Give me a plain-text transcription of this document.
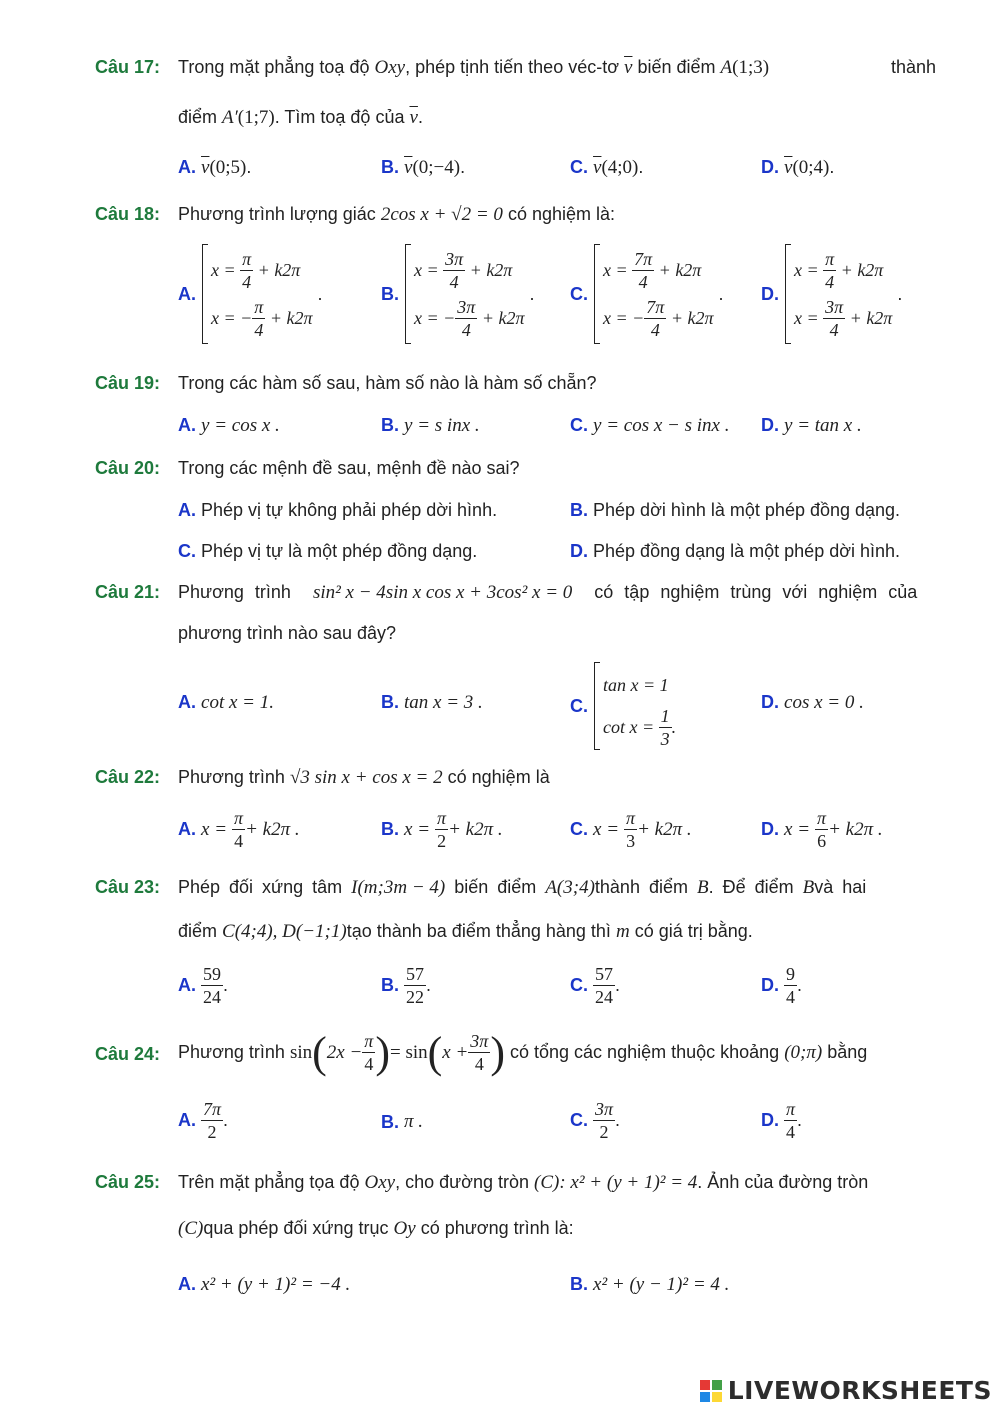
Câu 17: Trong mặt phẳng toạ độ Oxy, phép tịnh tiến theo véc-tơ $\overline{v}$ biến điểm A(1;3)	thành
điểm A′(1;7). Tìm toạ độ của $\overline{v}$.
A. $\overline{v}(0;5)$.	B. $\overline{v}(0;-4)$.	C. $\overline{v}(4;0)$.	D. $\overline{v}(0;4)$.
Câu 18: Phương trình lượng giác 2cos x + √2 = 0 có nghiệm là:
A.
x =
$\frac{\pi}{4}$
+ k2π
x =
− $\frac{\pi}{4}$
+ k2π
.	B.
x =
$\frac{3\pi}{4}$
+ k2π
x =
− $\frac{3\pi}{4}$
+ k2π
. C.
x =
$\frac{7\pi}{4}$
+ k2π
x =
− $\frac{7\pi}{4}$
+ k2π
. D.
x =
$\frac{\pi}{4}$
+ k2π
x =
$\frac{3\pi}{4}$
+ k2π
.
Câu 19: Trong các hàm số sau, hàm số nào là hàm số chẵn?
A. y = cos x .	B. y = s inx .	C. y = cos x − s inx . D. y = tan x .
Câu 20: Trong các mệnh đề sau, mệnh đề nào sai?
A. Phép vị tự không phải phép dời hình.	B. Phép dời hình là một phép đồng dạng.
C. Phép vị tự là một phép đồng dạng.	D. Phép đồng dạng là một phép dời hình.
Câu 21: Phương trình sin² x − 4sin x cos x + 3cos² x = 0 có tập nghiệm trùng với nghiệm của
phương trình nào sau đây?
A. cot x = 1.	B. tan x = 3 .	C.
tan x = 1
cot x =
$\frac{1}{3}$ .
D. cos x = 0 .
Câu 22: Phương trình √3 sin x + cos x = 2 có nghiệm là
A.
x =
$\frac{\pi}{4} + k2\pi$ .	B.
x =
$\frac{\pi}{2} + k2\pi$ .	C.
x =
$\frac{\pi}{3} + k2\pi$ .	D.
x =
$\frac{\pi}{6} + k2\pi$ .
Câu 23: Phép đối xứng tâm I(m;3m − 4) biến điểm A(3;4)thành điểm B. Để điểm Bvà hai
điểm C(4;4), D(−1;1)tạo thành ba điểm thẳng hàng thì m có giá trị bằng.
A.
$\frac{59}{24}$ .	B.
$\frac{57}{22}$ .	C.
$\frac{57}{24}$ .	D.
$\frac{9}{4}$ .
Câu 24: Phương trình
sin ( $2x - \frac{\pi}{4}$ ) = sin ( $x + \frac{3\pi}{4}$ )
có tổng các nghiệm thuộc khoảng
(0;π)
bằng
A.
$\frac{7\pi}{2}$ .	B.
π .	C.
$\frac{3\pi}{2}$ .	D.
$\frac{\pi}{4}$ .
Câu 25: Trên mặt phẳng tọa độ Oxy, cho đường tròn (C): x² + (y + 1)² = 4. Ảnh của đường tròn
(C)qua phép đối xứng trục Oy có phương trình là:
A. x² + (y + 1)² = −4 .	B. x² + (y − 1)² = 4 .
LIVEWORKSHEETS
